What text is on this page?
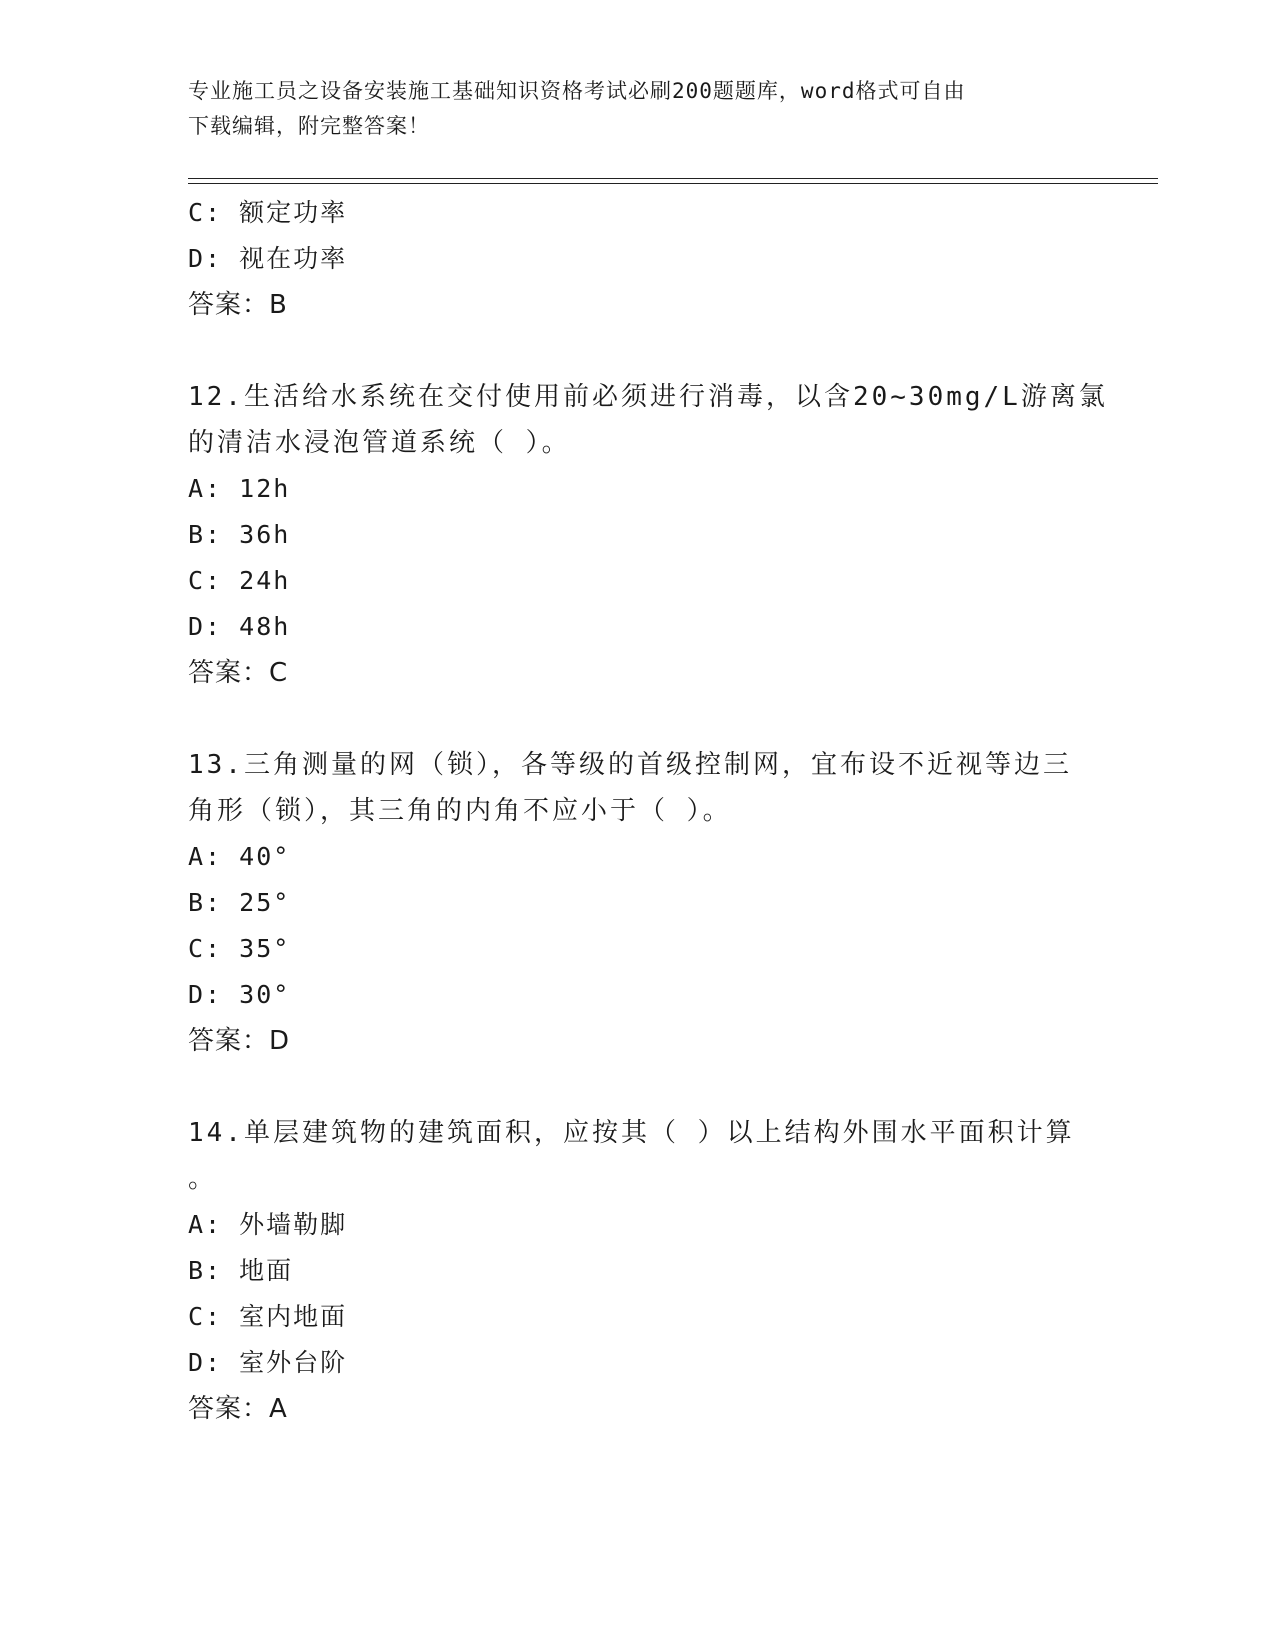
专业施工员之设备安装施工基础知识资格考试必刷200题题库，word格式可自由
下载编辑，附完整答案！
C: 额定功率
D: 视在功率
答案：B
12.生活给水系统在交付使用前必须进行消毒，以含20~30mg/L游离氯
的清洁水浸泡管道系统（ ）。
A: 12h
B: 36h
C: 24h
D: 48h
答案：C
13.三角测量的网（锁），各等级的首级控制网，宜布设不近视等边三
角形（锁），其三角的内角不应小于（ ）。
A: 40°
B: 25°
C: 35°
D: 30°
答案：D
14.单层建筑物的建筑面积，应按其（ ）以上结构外围水平面积计算
。
A: 外墙勒脚
B: 地面
C: 室内地面
D: 室外台阶
答案：A
